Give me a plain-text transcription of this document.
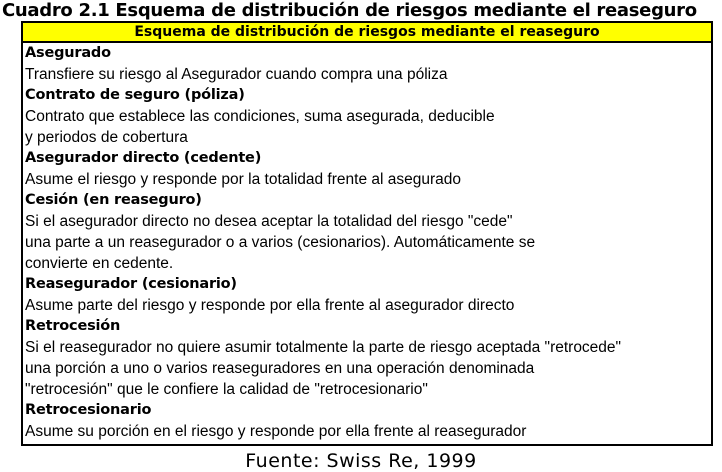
Cuadro 2.1 Esquema de distribución de riesgos mediante el reaseguro
Esquema de distribución de riesgos mediante el reaseguro
Asegurado
Transfiere su riesgo al Asegurador cuando compra una póliza
Contrato de seguro (póliza)
Contrato que establece las condiciones, suma asegurada, deducible
y periodos de cobertura
Asegurador directo (cedente)
Asume el riesgo y responde por la totalidad frente al asegurado
Cesión (en reaseguro)
Si el asegurador directo no desea aceptar la totalidad del riesgo "cede"
una parte a un reasegurador o a varios (cesionarios). Automáticamente se
convierte en cedente.
Reasegurador (cesionario)
Asume parte del riesgo y responde por ella frente al asegurador directo
Retrocesión
Si el reasegurador no quiere asumir totalmente la parte de riesgo aceptada "retrocede"
una porción a uno o varios reaseguradores en una operación denominada
"retrocesión" que le confiere la calidad de "retrocesionario"
Retrocesionario
Asume su porción en el riesgo y responde por ella frente al reasegurador
Fuente: Swiss Re, 1999
